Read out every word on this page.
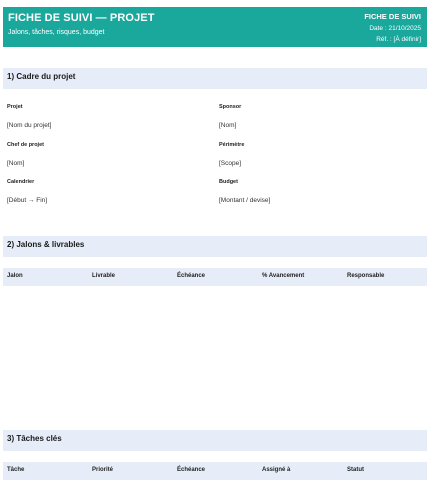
FICHE DE SUIVI — PROJET
Jalons, tâches, risques, budget
FICHE DE SUIVI
Date : 21/10/2025
Réf. : [À définir]
1) Cadre du projet
Projet
[Nom du projet]
Sponsor
[Nom]
Chef de projet
[Nom]
Périmètre
[Scope]
Calendrier
[Début → Fin]
Budget
[Montant / devise]
2) Jalons & livrables
Jalon	Livrable	Échéance	% Avancement	Responsable
3) Tâches clés
Tâche	Priorité	Échéance	Assigné à	Statut
